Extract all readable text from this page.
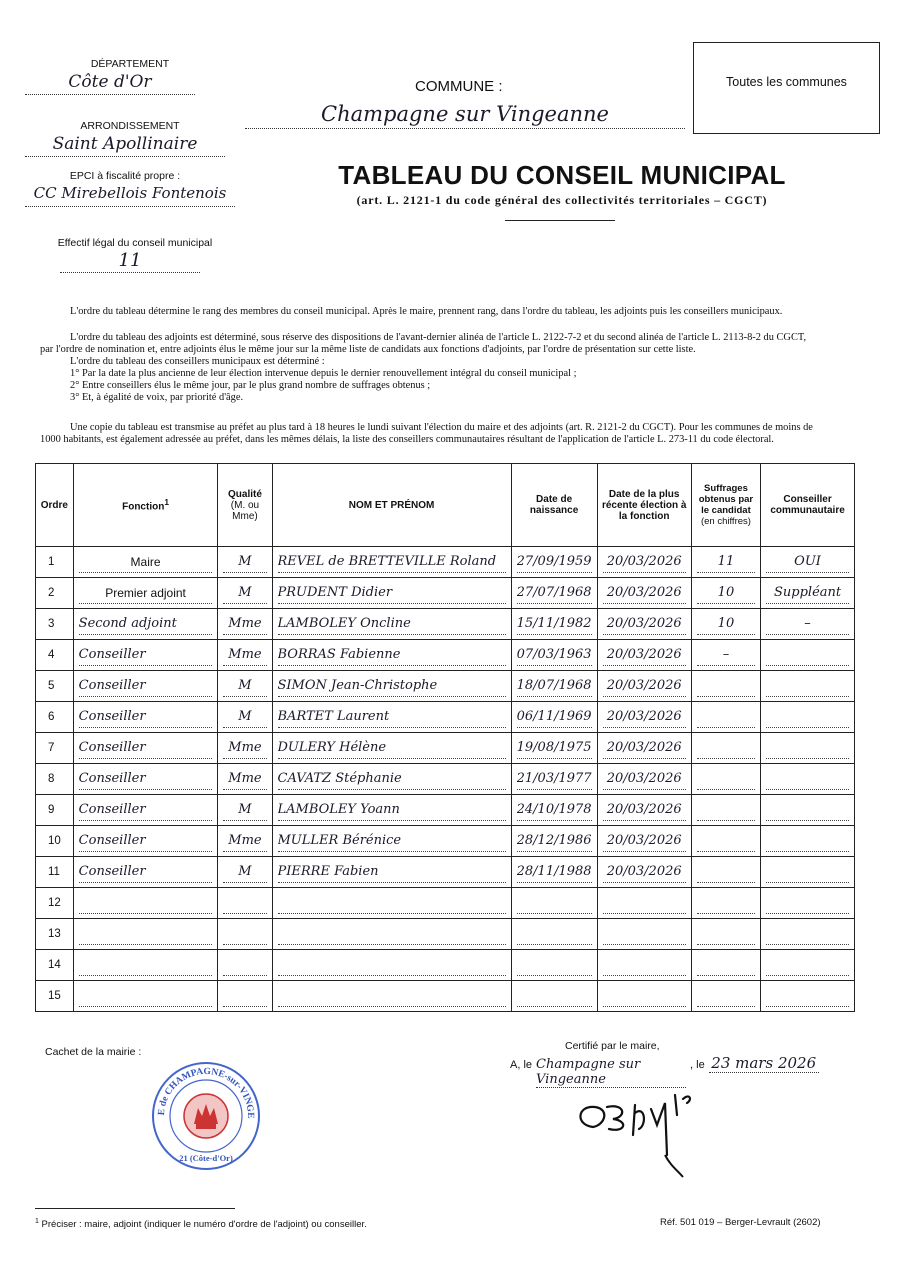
DÉPARTEMENT
Côte d'Or
ARRONDISSEMENT
Saint Apollinaire
EPCI à fiscalité propre :
CC Mirebellois Fontenois
Effectif légal du conseil municipal
11
COMMUNE :
Champagne sur Vingeanne
Toutes les communes
TABLEAU DU CONSEIL MUNICIPAL
(art. L. 2121-1 du code général des collectivités territoriales – CGCT)
L'ordre du tableau détermine le rang des membres du conseil municipal. Après le maire, prennent rang, dans l'ordre du tableau, les adjoints puis les conseillers municipaux.
L'ordre du tableau des adjoints est déterminé, sous réserve des dispositions de l'avant-dernier alinéa de l'article L. 2122-7-2 et du second alinéa de l'article L. 2113-8-2 du CGCT,
par l'ordre de nomination et, entre adjoints élus le même jour sur la même liste de candidats aux fonctions d'adjoints, par l'ordre de présentation sur cette liste.
L'ordre du tableau des conseillers municipaux est déterminé :
1° Par la date la plus ancienne de leur élection intervenue depuis le dernier renouvellement intégral du conseil municipal ;
2° Entre conseillers élus le même jour, par le plus grand nombre de suffrages obtenus ;
3° Et, à égalité de voix, par priorité d'âge.
Une copie du tableau est transmise au préfet au plus tard à 18 heures le lundi suivant l'élection du maire et des adjoints (art. R. 2121-2 du CGCT). Pour les communes de moins de
1000 habitants, est également adressée au préfet, dans les mêmes délais, la liste des conseillers communautaires résultant de l'application de l'article L. 273-11 du code électoral.
Ordre	Fonction$^1$	Qualité
(M. ou
Mme)	NOM ET PRÉNOM	Date de naissance	Date de la plus récente élection à la fonction	Suffrages obtenus par le candidat (en chiffres)	Conseiller communautaire
1	Maire	M	REVEL de BRETTEVILLE Roland	27/09/1959	20/03/2026	11	OUI

2	Premier adjoint	M	PRUDENT Didier	27/07/1968	20/03/2026	10	Suppléant

3	Second adjoint	Mme	LAMBOLEY Oncline	15/11/1982	20/03/2026	10	–

4	Conseiller	Mme	BORRAS Fabienne	07/03/1963	20/03/2026	–	

5	Conseiller	M	SIMON Jean-Christophe	18/07/1968	20/03/2026		

6	Conseiller	M	BARTET Laurent	06/11/1969	20/03/2026		

7	Conseiller	Mme	DULERY Hélène	19/08/1975	20/03/2026		

8	Conseiller	Mme	CAVATZ Stéphanie	21/03/1977	20/03/2026		

9	Conseiller	M	LAMBOLEY Yoann	24/10/1978	20/03/2026		

10	Conseiller	Mme	MULLER Bérénice	28/12/1986	20/03/2026		

11	Conseiller	M	PIERRE Fabien	28/11/1988	20/03/2026		

12	

13	

14	

15	

Cachet de la mairie :
E de CHAMPAGNE-sur-VINGE
21 (Côte-d'Or)
Certifié par le maire,
A, le Champagne sur Vingeanne
, le 23 mars 2026
$^1$ Préciser : maire, adjoint (indiquer le numéro d'ordre de l'adjoint) ou conseiller.	Réf. 501 019 – Berger-Levrault (2602)
